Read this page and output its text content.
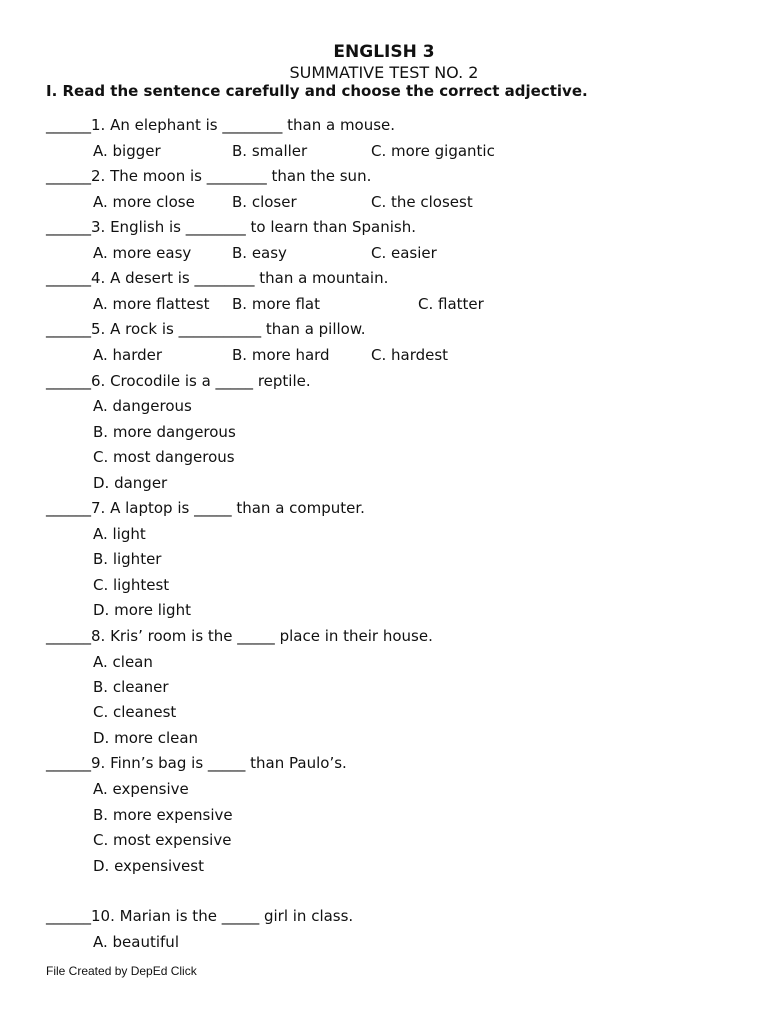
ENGLISH 3
SUMMATIVE TEST NO. 2
I. Read the sentence carefully and choose the correct adjective.
______1. An elephant is ________ than a mouse.
A. bigger	B. smaller	C. more gigantic
______2. The moon is ________ than the sun.
A. more close B. closer	C. the closest
______3. English is ________ to learn than Spanish.
A. more easy	B. easy	C. easier
______4. A desert is ________ than a mountain.
A. more flattest B. more flat	C. flatter
______5. A rock is ___________ than a pillow.
A. harder	B. more hard	C. hardest
______6. Crocodile is a _____ reptile.
A. dangerous
B. more dangerous
C. most dangerous
D. danger
______7. A laptop is _____ than a computer.
A. light
B. lighter
C. lightest
D. more light
______8. Kris’ room is the _____ place in their house.
A. clean
B. cleaner
C. cleanest
D. more clean
______9. Finn’s bag is _____ than Paulo’s.
A. expensive
B. more expensive
C. most expensive
D. expensivest
______10. Marian is the _____ girl in class.
A. beautiful
File Created by DepEd Click
